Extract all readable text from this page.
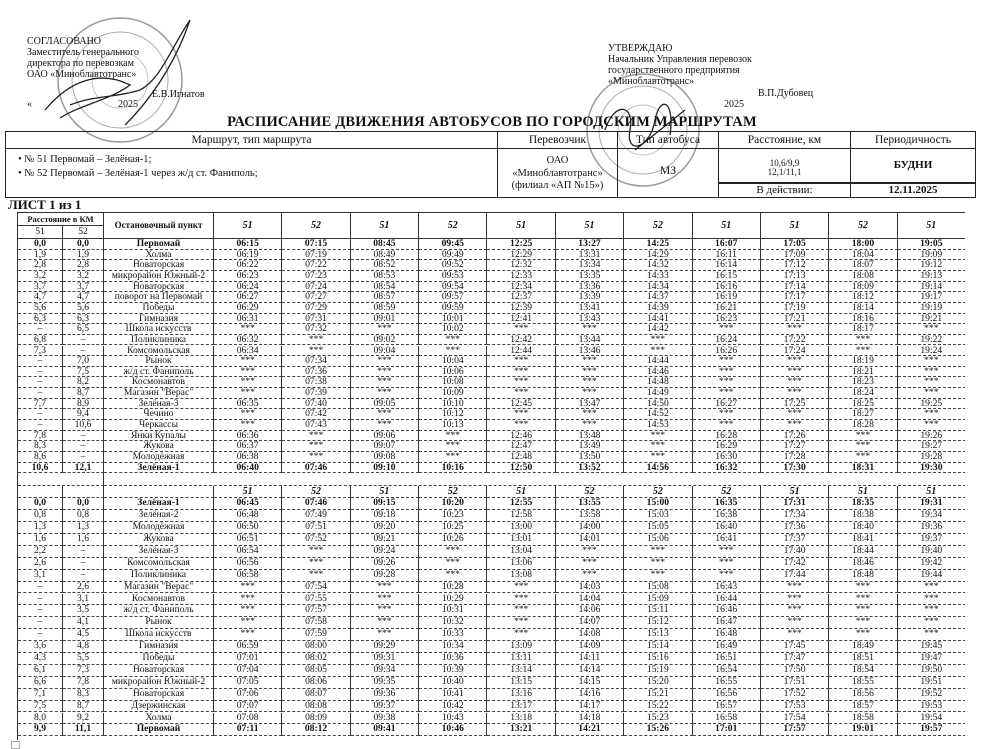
СОГЛАСОВАНО
Заместитель генерального
директора по перевозкам
ОАО «Миноблавтотранс»
Е.В.Игнатов
«	2025
УТВЕРЖДАЮ
Начальник Управления перевозок
государственного предприятия
«Миноблавтотранс»
В.П.Дубовец
2025
РАСПИСАНИЕ ДВИЖЕНИЯ АВТОБУСОВ ПО ГОРОДСКИМ МАРШРУТАМ
Маршрут, тип маршрута	Перевозчик	Тип автобуса	Расстояние, км	Периодичность
• № 51 Первомай – Зелёная-1;
• № 52 Первомай – Зелёная-1 через ж/д ст. Фаниполь;
ОАО
«Миноблавтотранс»
(филиал «АП №15»)
МЗ
10,6/9,9
12,1/11,1
БУДНИ
В действии:	12.11.2025
ЛИСТ 1 из 1
Расстояние в КМ
51	52
Остановочный пункт	51	52	51	52	51	51	52	51	51	52	51
0,0	0,0	Первомай	06:15	07:15	08:45	09:45	12:25	13:27	14:25	16:07	17:05	18:00	19:05
1,9	1,9	Холма	06:19	07:19	08:49	09:49	12:29	13:31	14:29	16:11	17:09	18:04	19:09
2,8	2,8	Новаторская	06:22	07:22	08:52	09:52	12:32	13:34	14:32	16:14	17:12	18:07	19:12
3,2	3,2	микрорайон Южный-2	06:23	07:23	08:53	09:53	12:33	13:35	14:33	16:15	17:13	18:08	19:13
3,7	3,7	Новаторская	06:24	07:24	08:54	09:54	12:34	13:36	14:34	16:16	17:14	18:09	19:14
4,7	4,7	поворот на Первомай	06:27	07:27	08:57	09:57	12:37	13:39	14:37	16:19	17:17	18:12	19:17
5,6	5,6	Победы	06:29	07:29	08:59	09:59	12:39	13:41	14:39	16:21	17:19	18:14	19:19
6,3	6,3	Гимназия	06:31	07:31	09:01	10:01	12:41	13:43	14:41	16:23	17:21	18:16	19:21
–	6,5	Школа искусств	***	07:32	***	10:02	***	***	14:42	***	***	18:17	***
6,8	–	Поликлиника	06:32	***	09:02	***	12:42	13:44	***	16:24	17:22	***	19:22
7,3	–	Комсомольская	06:34	***	09:04	***	12:44	13:46	***	16:26	17:24	***	19:24
–	7,0	Рынок	***	07:34	***	10:04	***	***	14:44	***	***	18:19	***
–	7,5	ж/д ст. Фаниполь	***	07:36	***	10:06	***	***	14:46	***	***	18:21	***
–	8,2	Космонавтов	***	07:38	***	10:08	***	***	14:48	***	***	18:23	***
–	8,7	Магазин "Верас"	***	07:39	***	10:09	***	***	14:49	***	***	18:24	***
7,7	8,9	Зелёная-3	06:35	07:40	09:05	10:10	12:45	13:47	14:50	16:27	17:25	18:25	19:25
–	9,4	Чечино	***	07:42	***	10:12	***	***	14:52	***	***	18:27	***
–	10,6	Черкассы	***	07:43	***	10:13	***	***	14:53	***	***	18:28	***
7,8	–	Янки Купалы	06:36	***	09:06	***	12:46	13:48	***	16:28	17:26	***	19:26
8,3	–	Жукова	06:37	***	09:07	***	12:47	13:49	***	16:29	17:27	***	19:27
8,6	–	Молодёжная	06:38	***	09:08	***	12:48	13:50	***	16:30	17:28	***	19:28
10,6	12,1	Зелёная-1	06:40	07:46	09:10	10:16	12:50	13:52	14:56	16:32	17:30	18:31	19:30
51	52	51	52	51	52	52	52	51	51	51
0,0	0,0	Зелёная-1	06:45	07:46	09:15	10:20	12:55	13:55	15:00	16:35	17:31	18:35	19:31
0,8	0,8	Зелёная-2	06:48	07:49	09:18	10:23	12:58	13:58	15:03	16:38	17:34	18:38	19:34
1,3	1,3	Молодёжная	06:50	07:51	09:20	10:25	13:00	14:00	15:05	16:40	17:36	18:40	19:36
1,6	1,6	Жукова	06:51	07:52	09:21	10:26	13:01	14:01	15:06	16:41	17:37	18:41	19:37
2,2	–	Зелёная-3	06:54	***	09:24	***	13:04	***	***	***	17:40	18:44	19:40
2,6	–	Комсомольская	06:56	***	09:26	***	13:06	***	***	***	17:42	18:46	19:42
3,1	–	Поликлиника	06:58	***	09:28	***	13:08	***	***	***	17:44	18:48	19:44
–	2,6	Магазин "Верас"	***	07:54	***	10:28	***	14:03	15:08	16:43	***	***	***
–	3,1	Космонавтов	***	07:55	***	10:29	***	14:04	15:09	16:44	***	***	***
–	3,5	ж/д ст. Фаниполь	***	07:57	***	10:31	***	14:06	15:11	16:46	***	***	***
–	4,1	Рынок	***	07:58	***	10:32	***	14:07	15:12	16:47	***	***	***
–	4,5	Школа искусств	***	07:59	***	10:33	***	14:08	15:13	16:48	***	***	***
3,6	4,8	Гимназия	06:59	08:00	09:29	10:34	13:09	14:09	15:14	16:49	17:45	18:49	19:45
4,3	5,5	Победы	07:01	08:02	09:31	10:36	13:11	14:11	15:16	16:51	17:47	18:51	19:47
6,1	7,3	Новаторская	07:04	08:05	09:34	10:39	13:14	14:14	15:19	16:54	17:50	18:54	19:50
6,6	7,8	микрорайон Южный-2	07:05	08:06	09:35	10:40	13:15	14:15	15:20	16:55	17:51	18:55	19:51
7,1	8,3	Новаторская	07:06	08:07	09:36	10:41	13:16	14:16	15:21	16:56	17:52	18:56	19:52
7,5	8,7	Дзержинская	07:07	08:08	09:37	10:42	13:17	14:17	15:22	16:57	17:53	18:57	19:53
8,0	9,2	Холма	07:08	08:09	09:38	10:43	13:18	14:18	15:23	16:58	17:54	18:58	19:54
9,9	11,1	Первомай	07:11	08:12	09:41	10:46	13:21	14:21	15:26	17:01	17:57	19:01	19:57
